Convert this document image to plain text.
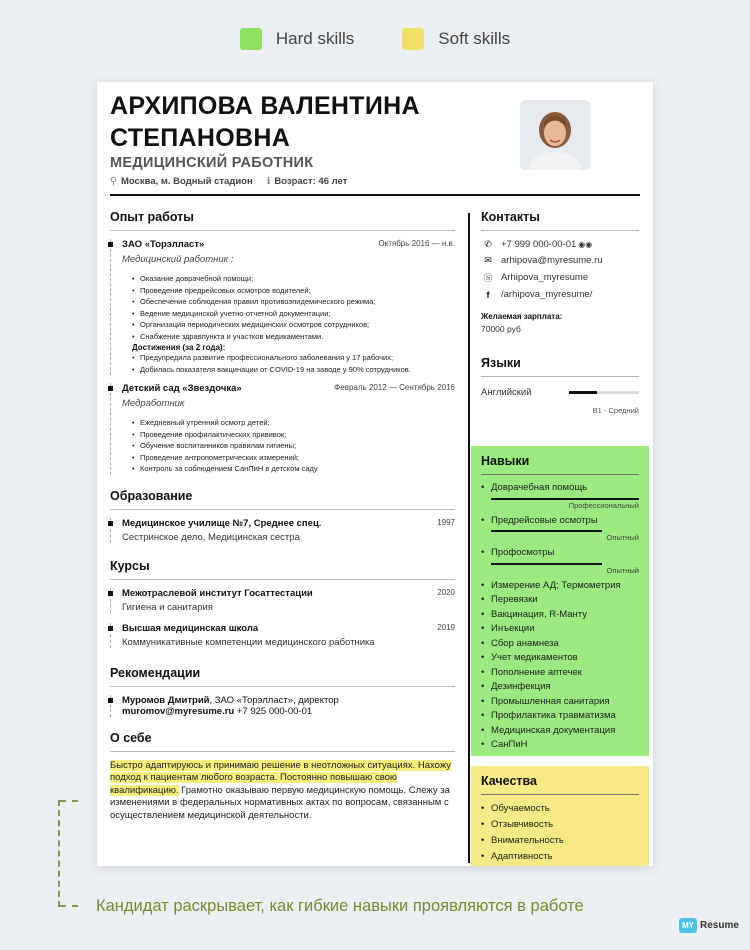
Hard skills	Soft skills
АРХИПОВА ВАЛЕНТИНА СТЕПАНОВНА
МЕДИЦИНСКИЙ РАБОТНИК
⚲ Москва, м. Водный стадион ℹ Возраст: 46 лет
Опыт работы
ЗАО «Торэлласт»	Октябрь 2016 — н.в.
Медицинский работник :
• Оказание доврачебной помощи;
• Проведение предрейсовых осмотров водителей;
• Обеспечение соблюдения правил противоэпидемического режима;
• Ведение медицинской учетно-отчетной документации;
• Организация периодических медицинских осмотров сотрудников;
• Снабжение здравпункта и участков медикаментами.
Достижения (за 2 года):
• Предупредила развитие профессионального заболевания у 17 рабочих;
• Добилась показателя вакцинации от COVID-19 на заводе у 90% сотрудников.
Детский сад «Звездочка»	Февраль 2012 — Сентябрь 2016
Медработник
• Ежедневный утренний осмотр детей;
• Проведение профилактических прививок;
• Обучение воспитанников правилам гигиены;
• Проведение антропометрических измерений;
• Контроль за соблюдением СанПиН в детском саду.
Образование
Медицинское училище №7, Среднее спец.	1997
Сестринское дело, Медицинская сестра
Курсы
Межотраслевой институт Госаттестации	2020
Гигиена и санитария
Высшая медицинская школа	2019
Коммуникативные компетенции медицинского работника
Рекомендации
Муромов Дмитрий, ЗАО «Торэлласт», директор
muromov@myresume.ru +7 925 000-00-01
О себе
Быстро адаптируюсь и принимаю решение в неотложных ситуациях. Нахожу подход к пациентам любого возраста. Постоянно повышаю свою квалификацию. Грамотно оказываю первую медицинскую помощь. Слежу за изменениями в федеральных нормативных актах по вопросам, связанным с осуществлением медицинской деятельности.
Контакты
✆ +7 999 000-00-01 ◉◉
✉ arhipova@myresume.ru
Ⓢ Arhipova_myresume
f	/arhipova_myresume/
Желаемая зарплата:
70000 руб
Языки
Английский
B1 - Средний
Навыки
• Доврачебная помощь
Профессиональный
• Предрейсовые осмотры
Опытный
• Профосмотры
Опытный
• Измерение АД; Термометрия
• Перевязки
• Вакцинация, R-Манту
• Инъекции
• Сбор анамнеза
• Учет медикаментов
• Пополнение аптечек
• Дезинфекция
• Промышленная санитария
• Профилактика травматизма
• Медицинская документация
• СанПиН
Качества
• Обучаемость
• Отзывчивость
• Внимательность
• Адаптивность
Кандидат раскрывает, как гибкие навыки проявляются в работе
MY Resume
